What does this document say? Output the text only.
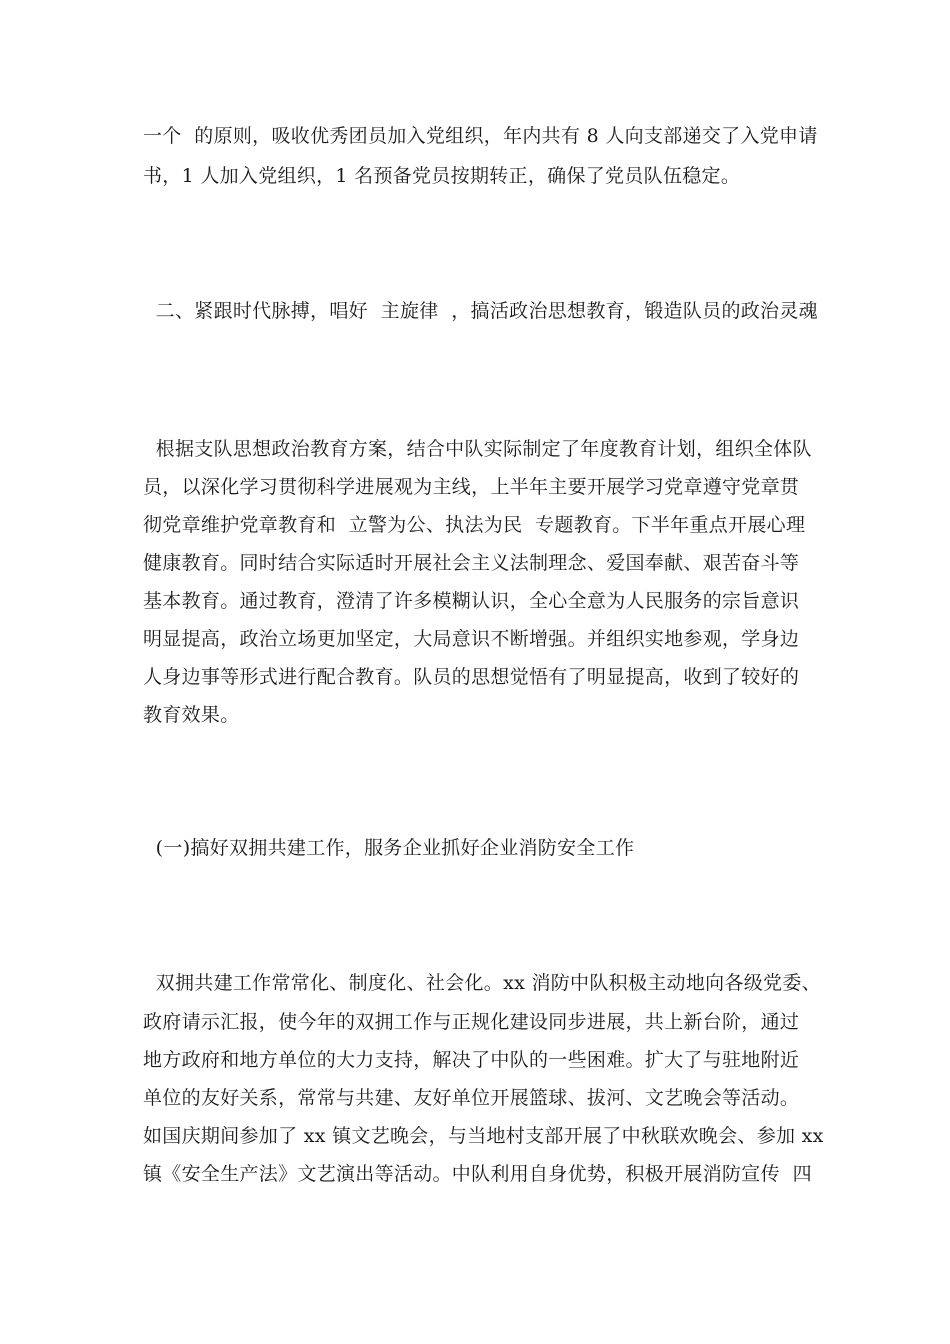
一个  的原则，吸收优秀团员加入党组织，年内共有 8 人向支部递交了入党申请
书，1 人加入党组织，1 名预备党员按期转正，确保了党员队伍稳定。
二、紧跟时代脉搏，唱好  主旋律  ，搞活政治思想教育，锻造队员的政治灵魂
根据支队思想政治教育方案，结合中队实际制定了年度教育计划，组织全体队
员，以深化学习贯彻科学进展观为主线，上半年主要开展学习党章遵守党章贯
彻党章维护党章教育和  立警为公、执法为民  专题教育。下半年重点开展心理
健康教育。同时结合实际适时开展社会主义法制理念、爱国奉献、艰苦奋斗等
基本教育。通过教育，澄清了许多模糊认识，全心全意为人民服务的宗旨意识
明显提高，政治立场更加坚定，大局意识不断增强。并组织实地参观，学身边
人身边事等形式进行配合教育。队员的思想觉悟有了明显提高，收到了较好的
教育效果。
(一)搞好双拥共建工作，服务企业抓好企业消防安全工作
双拥共建工作常常化、制度化、社会化。xx 消防中队积极主动地向各级党委、
政府请示汇报，使今年的双拥工作与正规化建设同步进展，共上新台阶，通过
地方政府和地方单位的大力支持，解决了中队的一些困难。扩大了与驻地附近
单位的友好关系，常常与共建、友好单位开展篮球、拔河、文艺晚会等活动。
如国庆期间参加了 xx 镇文艺晚会，与当地村支部开展了中秋联欢晚会、参加 xx
镇《安全生产法》文艺演出等活动。中队利用自身优势，积极开展消防宣传  四
